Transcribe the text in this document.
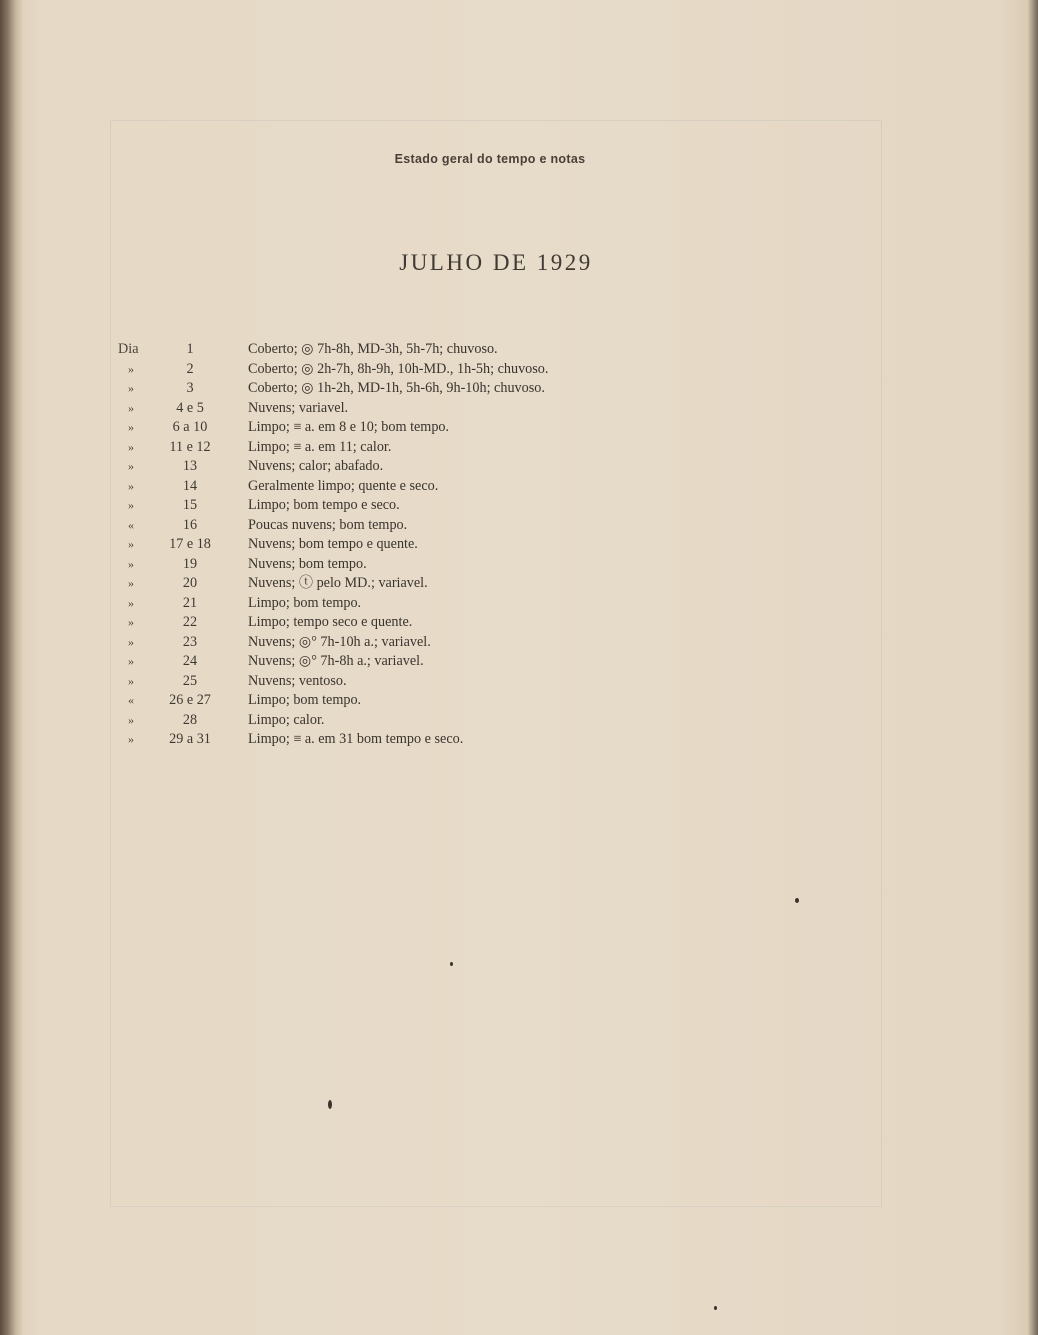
Estado geral do tempo e notas
JULHO DE 1929
Dia	1	Coberto; ◎ 7h-8h, MD-3h, 5h-7h; chuvoso.
»	2	Coberto; ◎ 2h-7h, 8h-9h, 10h-MD., 1h-5h; chuvoso.
»	3	Coberto; ◎ 1h-2h, MD-1h, 5h-6h, 9h-10h; chuvoso.
»	4 e 5	Nuvens; variavel.
»	6 a 10	Limpo; ≡ a. em 8 e 10; bom tempo.
»	11 e 12	Limpo; ≡ a. em 11; calor.
»	13	Nuvens; calor; abafado.
»	14	Geralmente limpo; quente e seco.
»	15	Limpo; bom tempo e seco.
«	16	Poucas nuvens; bom tempo.
»	17 e 18	Nuvens; bom tempo e quente.
»	19	Nuvens; bom tempo.
»	20	Nuvens; ⓣ pelo MD.; variavel.
»	21	Limpo; bom tempo.
»	22	Limpo; tempo seco e quente.
»	23	Nuvens; ◎° 7h-10h a.; variavel.
»	24	Nuvens; ◎° 7h-8h a.; variavel.
»	25	Nuvens; ventoso.
«	26 e 27	Limpo; bom tempo.
»	28	Limpo; calor.
»	29 a 31	Limpo; ≡ a. em 31 bom tempo e seco.
